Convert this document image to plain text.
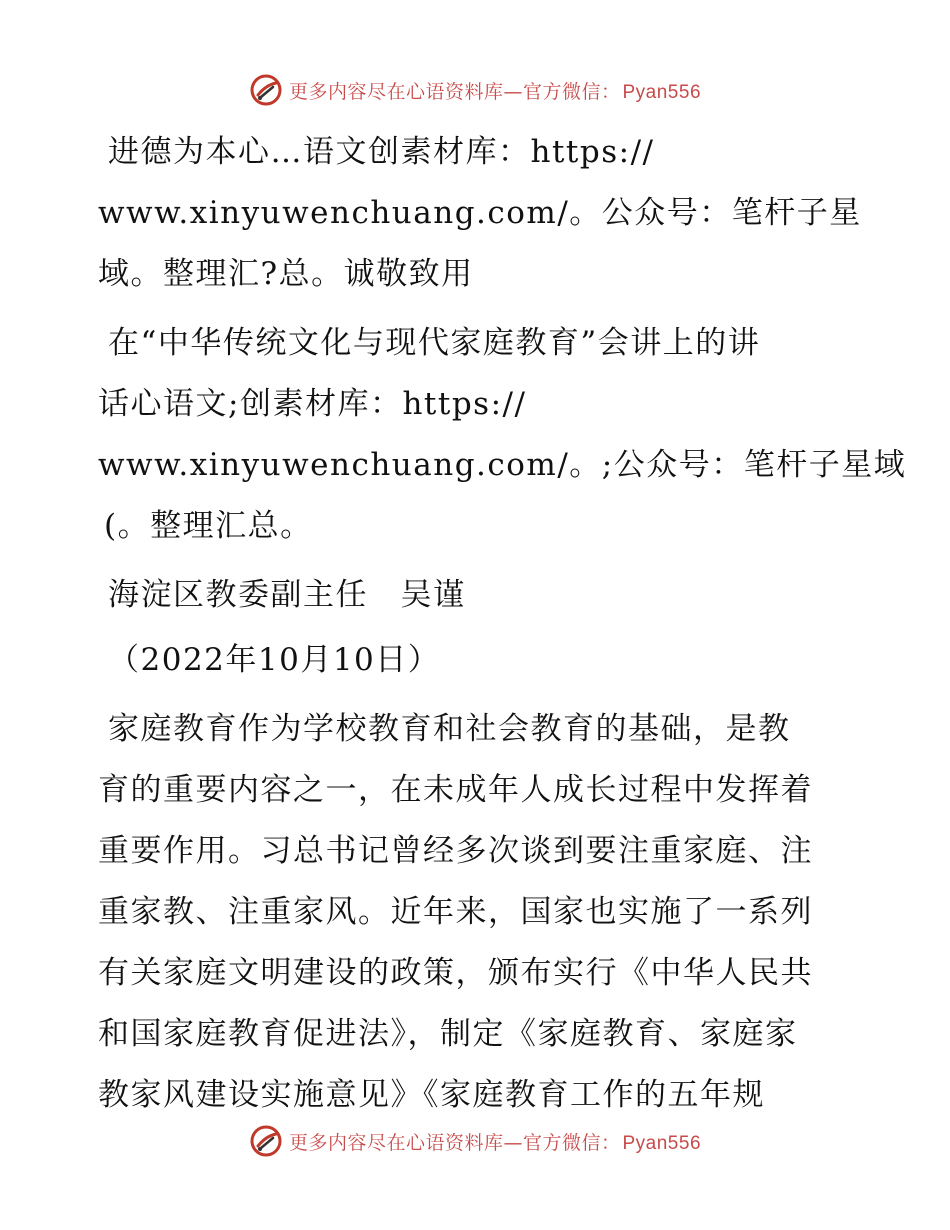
更多内容尽在心语资料库—官方微信： Pyan556

进德为本心…语文创素材库：https://
www.xinyuwenchuang.com/。公众号：笔杆子星
域。整理汇?总。诚敬致用

在“中华传统文化与现代家庭教育”会讲上的讲
话心语文;创素材库：https://
www.xinyuwenchuang.com/。;公众号：笔杆子星域
(。整理汇总。

海淀区教委副主任　吴谨

（2022年10月10日）

家庭教育作为学校教育和社会教育的基础，是教
育的重要内容之一，在未成年人成长过程中发挥着
重要作用。习总书记曾经多次谈到要注重家庭、注
重家教、注重家风。近年来，国家也实施了一系列
有关家庭文明建设的政策，颁布实行《中华人民共
和国家庭教育促进法》，制定《家庭教育、家庭家
教家风建设实施意见》《家庭教育工作的五年规

更多内容尽在心语资料库—官方微信： Pyan556
